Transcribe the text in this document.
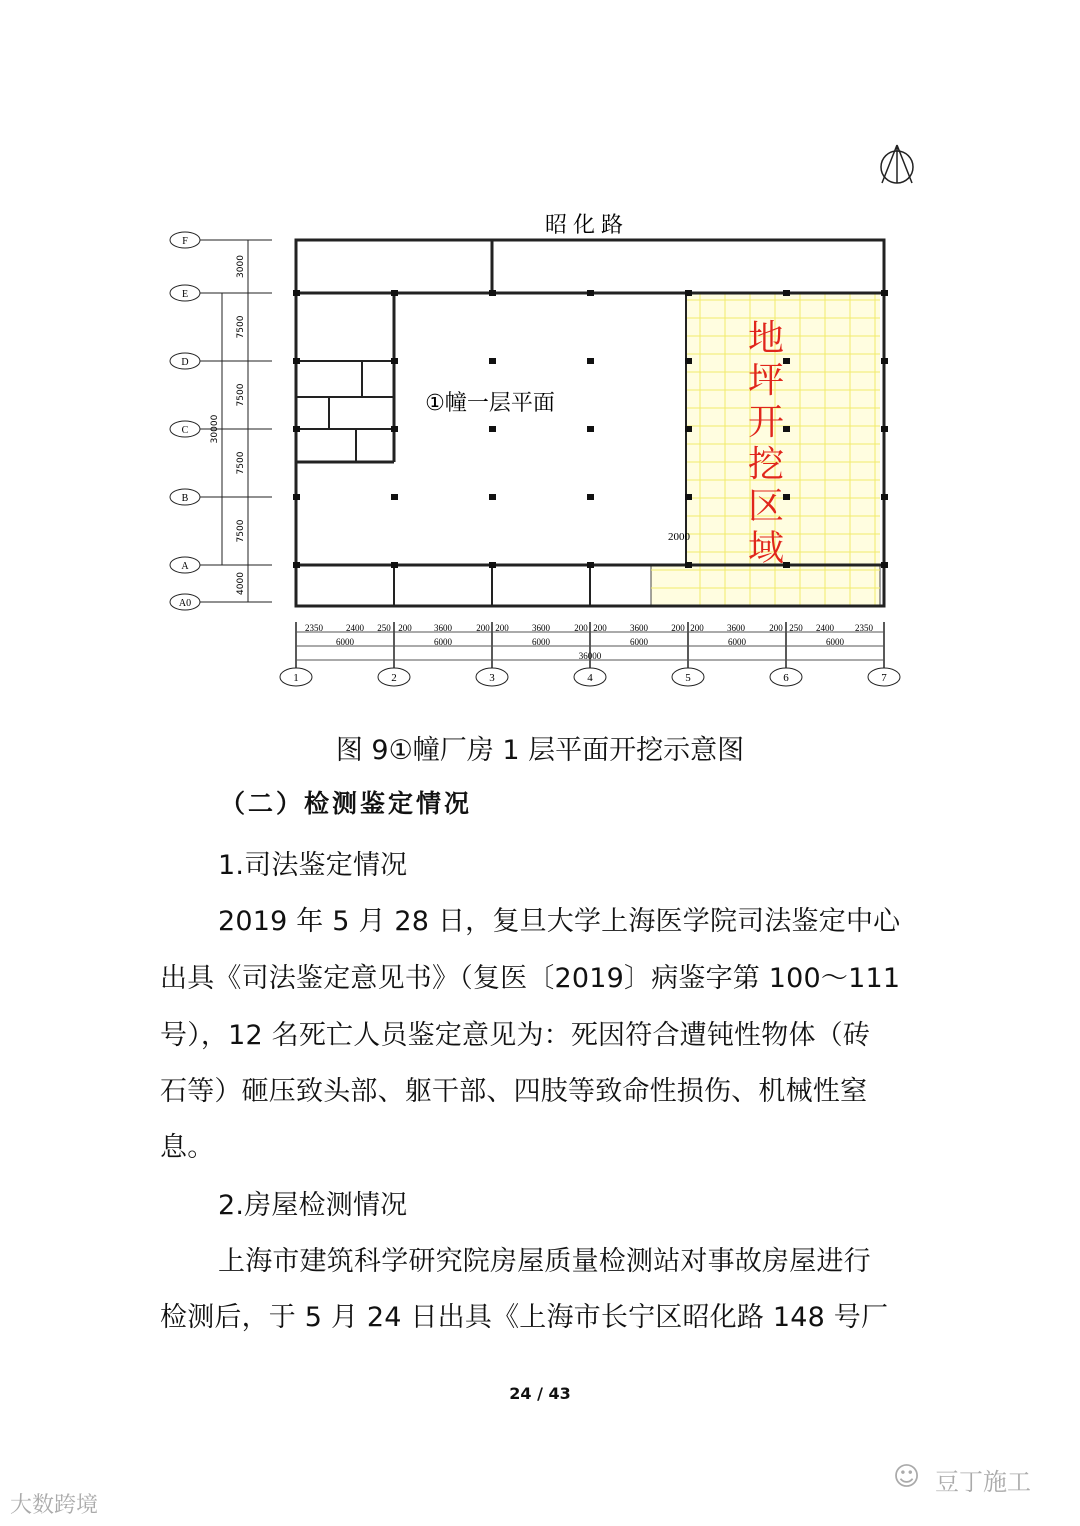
F
E
D
C
B
A
A0
3000
7500
7500
7500
7500
4000
30000
1	2	3	4	5	6	7
2350	2400 250 200 3600	200 200	3600	200 200	3600	200 200	3600	200 250 2400 2350
6000	6000	6000	6000	6000	6000
36000
昭化路
①幢一层平面
2000
地
坪
开
挖
区
域
图 9①幢厂房 1 层平面开挖示意图
（二）检测鉴定情况
1.司法鉴定情况
2019 年 5 月 28 日，复旦大学上海医学院司法鉴定中心
出具《司法鉴定意见书》（复医〔2019〕病鉴字第 100～111
号），12 名死亡人员鉴定意见为：死因符合遭钝性物体（砖
石等）砸压致头部、躯干部、四肢等致命性损伤、机械性窒
息。
2.房屋检测情况
上海市建筑科学研究院房屋质量检测站对事故房屋进行
检测后，于 5 月 24 日出具《上海市长宁区昭化路 148 号厂
24 / 43
大数跨境
豆丁施工
☺
